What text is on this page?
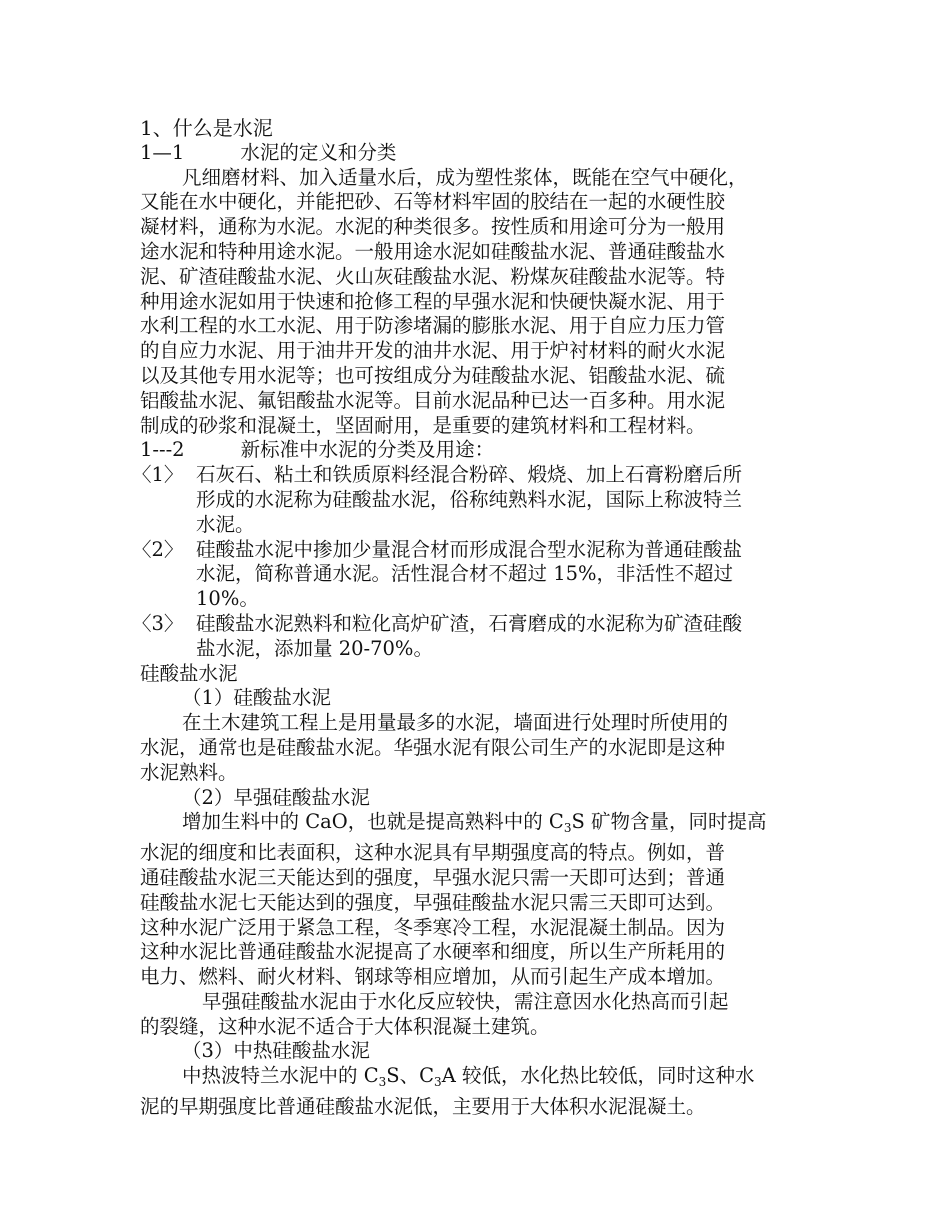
1、什么是水泥

1—1	水泥的定义和分类

凡细磨材料、加入适量水后，成为塑性浆体，既能在空气中硬化，

又能在水中硬化，并能把砂、石等材料牢固的胶结在一起的水硬性胶

凝材料，通称为水泥。水泥的种类很多。按性质和用途可分为一般用

途水泥和特种用途水泥。一般用途水泥如硅酸盐水泥、普通硅酸盐水

泥、矿渣硅酸盐水泥、火山灰硅酸盐水泥、粉煤灰硅酸盐水泥等。特

种用途水泥如用于快速和抢修工程的早强水泥和快硬快凝水泥、用于

水利工程的水工水泥、用于防渗堵漏的膨胀水泥、用于自应力压力管

的自应力水泥、用于油井开发的油井水泥、用于炉衬材料的耐火水泥

以及其他专用水泥等；也可按组成分为硅酸盐水泥、铝酸盐水泥、硫

铝酸盐水泥、氟铝酸盐水泥等。目前水泥品种已达一百多种。用水泥

制成的砂浆和混凝土，坚固耐用，是重要的建筑材料和工程材料。

1---2	新标准中水泥的分类及用途：

〈1〉 石灰石、粘土和铁质原料经混合粉碎、煅烧、加上石膏粉磨后所

形成的水泥称为硅酸盐水泥，俗称纯熟料水泥，国际上称波特兰

水泥。

〈2〉 硅酸盐水泥中掺加少量混合材而形成混合型水泥称为普通硅酸盐

水泥，简称普通水泥。活性混合材不超过 15%，非活性不超过

10%。

〈3〉 硅酸盐水泥熟料和粒化高炉矿渣，石膏磨成的水泥称为矿渣硅酸

盐水泥，添加量 20-70%。

硅酸盐水泥

（1）硅酸盐水泥

在土木建筑工程上是用量最多的水泥，墙面进行处理时所使用的

水泥，通常也是硅酸盐水泥。华强水泥有限公司生产的水泥即是这种

水泥熟料。

（2）早强硅酸盐水泥

增加生料中的 CaO，也就是提高熟料中的 $C_3S$ 矿物含量，同时提高

水泥的细度和比表面积，这种水泥具有早期强度高的特点。例如，普

通硅酸盐水泥三天能达到的强度，早强水泥只需一天即可达到；普通

硅酸盐水泥七天能达到的强度，早强硅酸盐水泥只需三天即可达到。

这种水泥广泛用于紧急工程，冬季寒冷工程，水泥混凝土制品。因为

这种水泥比普通硅酸盐水泥提高了水硬率和细度，所以生产所耗用的

电力、燃料、耐火材料、钢球等相应增加，从而引起生产成本增加。

早强硅酸盐水泥由于水化反应较快，需注意因水化热高而引起

的裂缝，这种水泥不适合于大体积混凝土建筑。

（3）中热硅酸盐水泥

中热波特兰水泥中的 $C_3S$、$C_3A$ 较低，水化热比较低，同时这种水

泥的早期强度比普通硅酸盐水泥低，主要用于大体积水泥混凝土。
